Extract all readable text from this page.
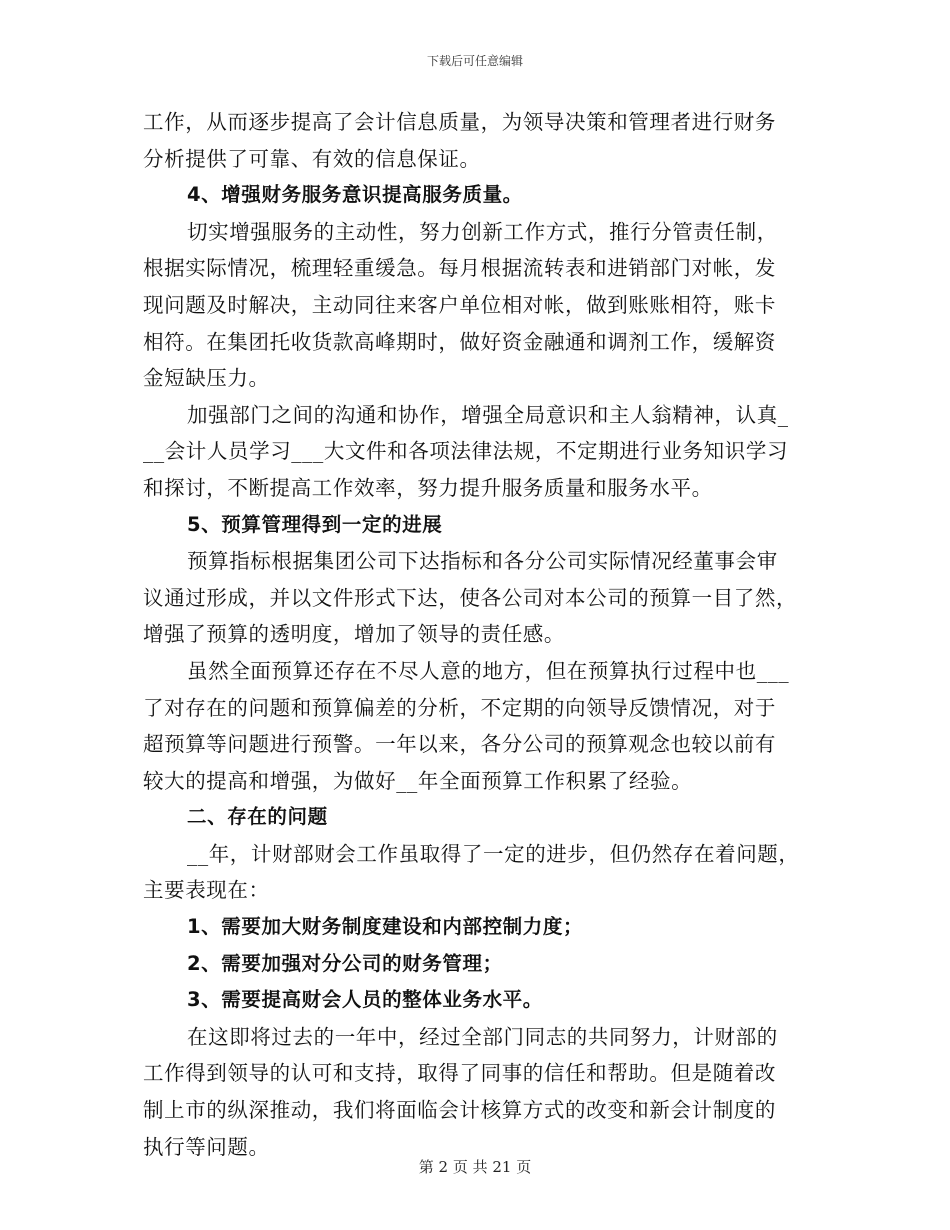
下载后可任意编辑
工作，从而逐步提高了会计信息质量，为领导决策和管理者进行财务
分析提供了可靠、有效的信息保证。
4、增强财务服务意识提高服务质量。
切实增强服务的主动性，努力创新工作方式，推行分管责任制，
根据实际情况，梳理轻重缓急。每月根据流转表和进销部门对帐，发
现问题及时解决，主动同往来客户单位相对帐，做到账账相符，账卡
相符。在集团托收货款高峰期时，做好资金融通和调剂工作，缓解资
金短缺压力。
加强部门之间的沟通和协作，增强全局意识和主人翁精神，认真_
__会计人员学习___大文件和各项法律法规，不定期进行业务知识学习
和探讨，不断提高工作效率，努力提升服务质量和服务水平。
5、预算管理得到一定的进展
预算指标根据集团公司下达指标和各分公司实际情况经董事会审
议通过形成，并以文件形式下达，使各公司对本公司的预算一目了然，
增强了预算的透明度，增加了领导的责任感。
虽然全面预算还存在不尽人意的地方，但在预算执行过程中也___
了对存在的问题和预算偏差的分析，不定期的向领导反馈情况，对于
超预算等问题进行预警。一年以来，各分公司的预算观念也较以前有
较大的提高和增强，为做好__年全面预算工作积累了经验。
二、存在的问题
__年，计财部财会工作虽取得了一定的进步，但仍然存在着问题，
主要表现在：
1、需要加大财务制度建设和内部控制力度；
2、需要加强对分公司的财务管理；
3、需要提高财会人员的整体业务水平。
在这即将过去的一年中，经过全部门同志的共同努力，计财部的
工作得到领导的认可和支持，取得了同事的信任和帮助。但是随着改
制上市的纵深推动，我们将面临会计核算方式的改变和新会计制度的
执行等问题。
第 2 页 共 21 页
